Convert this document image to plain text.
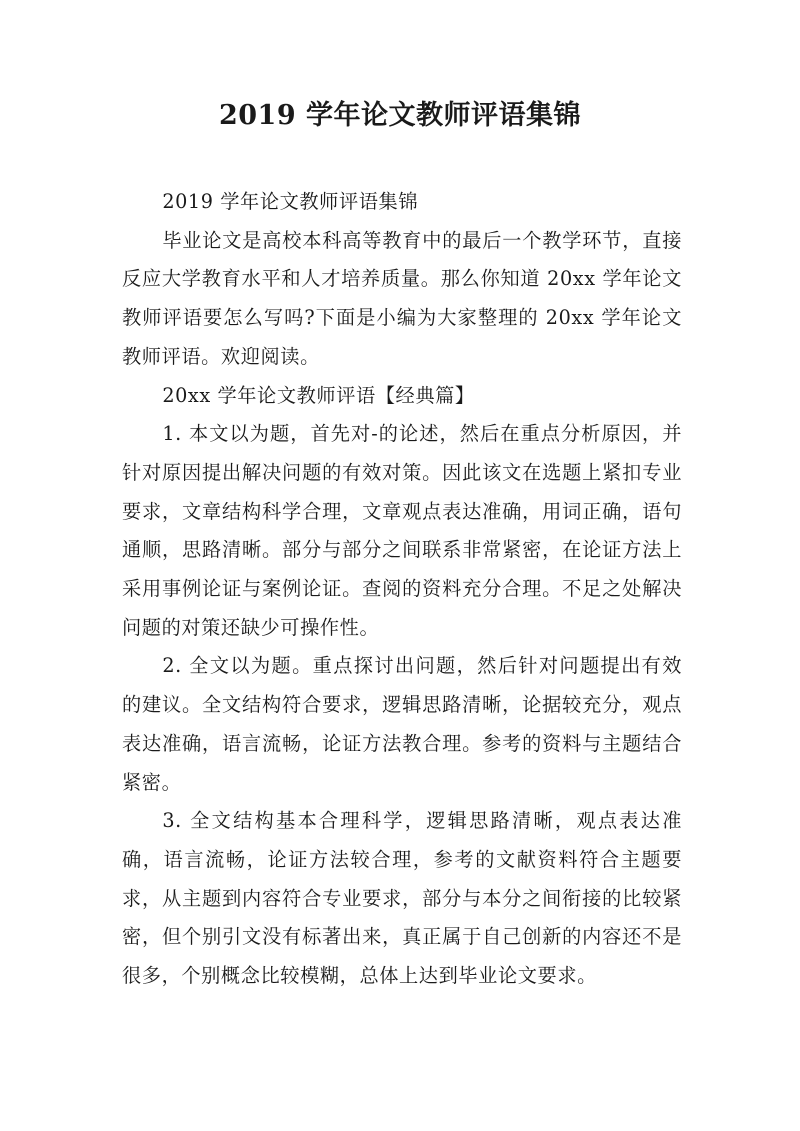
2019 学年论文教师评语集锦

2019 学年论文教师评语集锦

毕业论文是高校本科高等教育中的最后一个教学环节，直接反应大学教育水平和人才培养质量。那么你知道 20xx 学年论文教师评语要怎么写吗?下面是小编为大家整理的 20xx 学年论文教师评语。欢迎阅读。

20xx 学年论文教师评语【经典篇】

1. 本文以为题，首先对-的论述，然后在重点分析原因，并针对原因提出解决问题的有效对策。因此该文在选题上紧扣专业要求，文章结构科学合理，文章观点表达准确，用词正确，语句通顺，思路清晰。部分与部分之间联系非常紧密，在论证方法上采用事例论证与案例论证。查阅的资料充分合理。不足之处解决问题的对策还缺少可操作性。

2. 全文以为题。重点探讨出问题，然后针对问题提出有效的建议。全文结构符合要求，逻辑思路清晰，论据较充分，观点表达准确，语言流畅，论证方法教合理。参考的资料与主题结合紧密。

3. 全文结构基本合理科学，逻辑思路清晰，观点表达准确，语言流畅，论证方法较合理，参考的文献资料符合主题要求，从主题到内容符合专业要求，部分与本分之间衔接的比较紧密，但个别引文没有标著出来，真正属于自己创新的内容还不是很多，个别概念比较模糊，总体上达到毕业论文要求。
